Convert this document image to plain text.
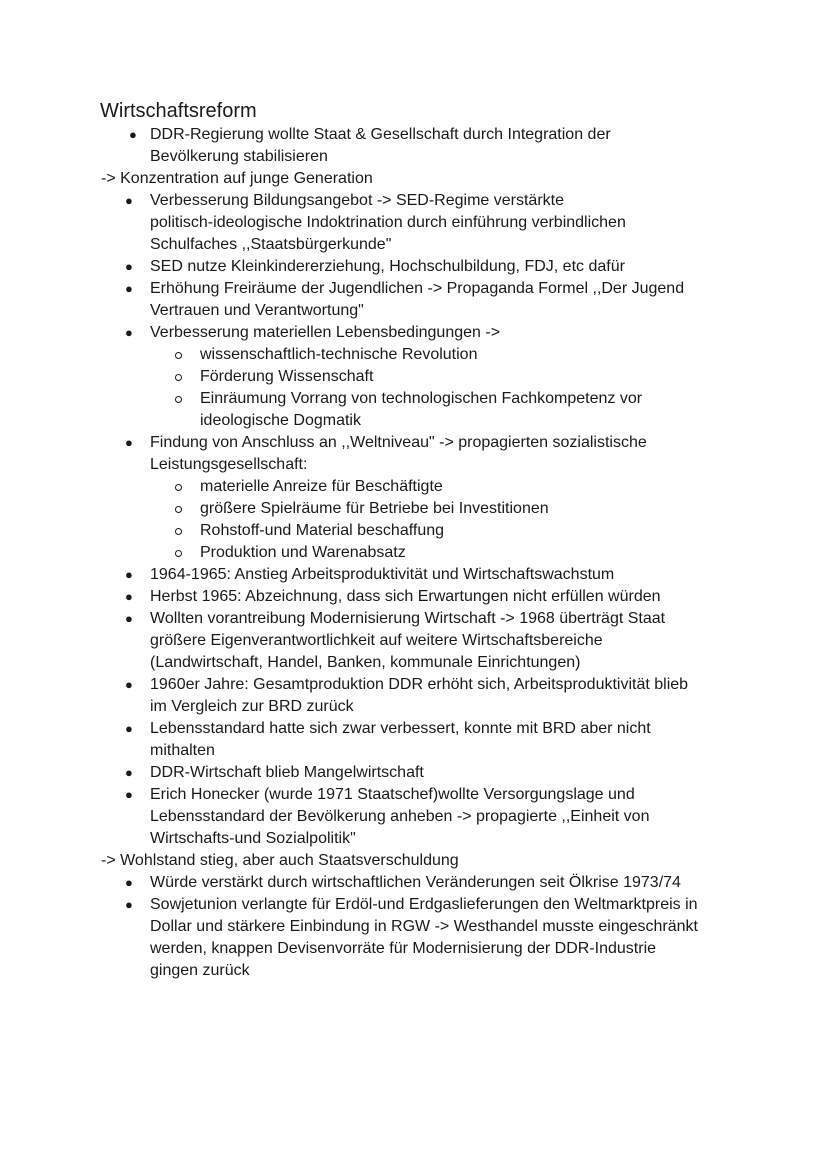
Wirtschaftsreform
● DDR-Regierung wollte Staat & Gesellschaft durch Integration der
Bevölkerung stabilisieren
-> Konzentration auf junge Generation
● Verbesserung Bildungsangebot -> SED-Regime verstärkte
politisch-ideologische Indoktrination durch einführung verbindlichen
Schulfaches ,,Staatsbürgerkunde"
● SED nutze Kleinkindererziehung, Hochschulbildung, FDJ, etc dafür
● Erhöhung Freiräume der Jugendlichen -> Propaganda Formel ,,Der Jugend
Vertrauen und Verantwortung"
● Verbesserung materiellen Lebensbedingungen ->
wissenschaftlich-technische Revolution
Förderung Wissenschaft
Einräumung Vorrang von technologischen Fachkompetenz vor
ideologische Dogmatik
● Findung von Anschluss an ,,Weltniveau" -> propagierten sozialistische
Leistungsgesellschaft:
materielle Anreize für Beschäftigte
größere Spielräume für Betriebe bei Investitionen
Rohstoff-und Material beschaffung
Produktion und Warenabsatz
● 1964-1965: Anstieg Arbeitsproduktivität und Wirtschaftswachstum
● Herbst 1965: Abzeichnung, dass sich Erwartungen nicht erfüllen würden
● Wollten vorantreibung Modernisierung Wirtschaft -> 1968 überträgt Staat
größere Eigenverantwortlichkeit auf weitere Wirtschaftsbereiche
(Landwirtschaft, Handel, Banken, kommunale Einrichtungen)
● 1960er Jahre: Gesamtproduktion DDR erhöht sich, Arbeitsproduktivität blieb
im Vergleich zur BRD zurück
● Lebensstandard hatte sich zwar verbessert, konnte mit BRD aber nicht
mithalten
● DDR-Wirtschaft blieb Mangelwirtschaft
● Erich Honecker (wurde 1971 Staatschef)wollte Versorgungslage und
Lebensstandard der Bevölkerung anheben -> propagierte ,,Einheit von
Wirtschafts-und Sozialpolitik"
-> Wohlstand stieg, aber auch Staatsverschuldung
● Würde verstärkt durch wirtschaftlichen Veränderungen seit Ölkrise 1973/74
● Sowjetunion verlangte für Erdöl-und Erdgaslieferungen den Weltmarktpreis in
Dollar und stärkere Einbindung in RGW -> Westhandel musste eingeschränkt
werden, knappen Devisenvorräte für Modernisierung der DDR-Industrie
gingen zurück
